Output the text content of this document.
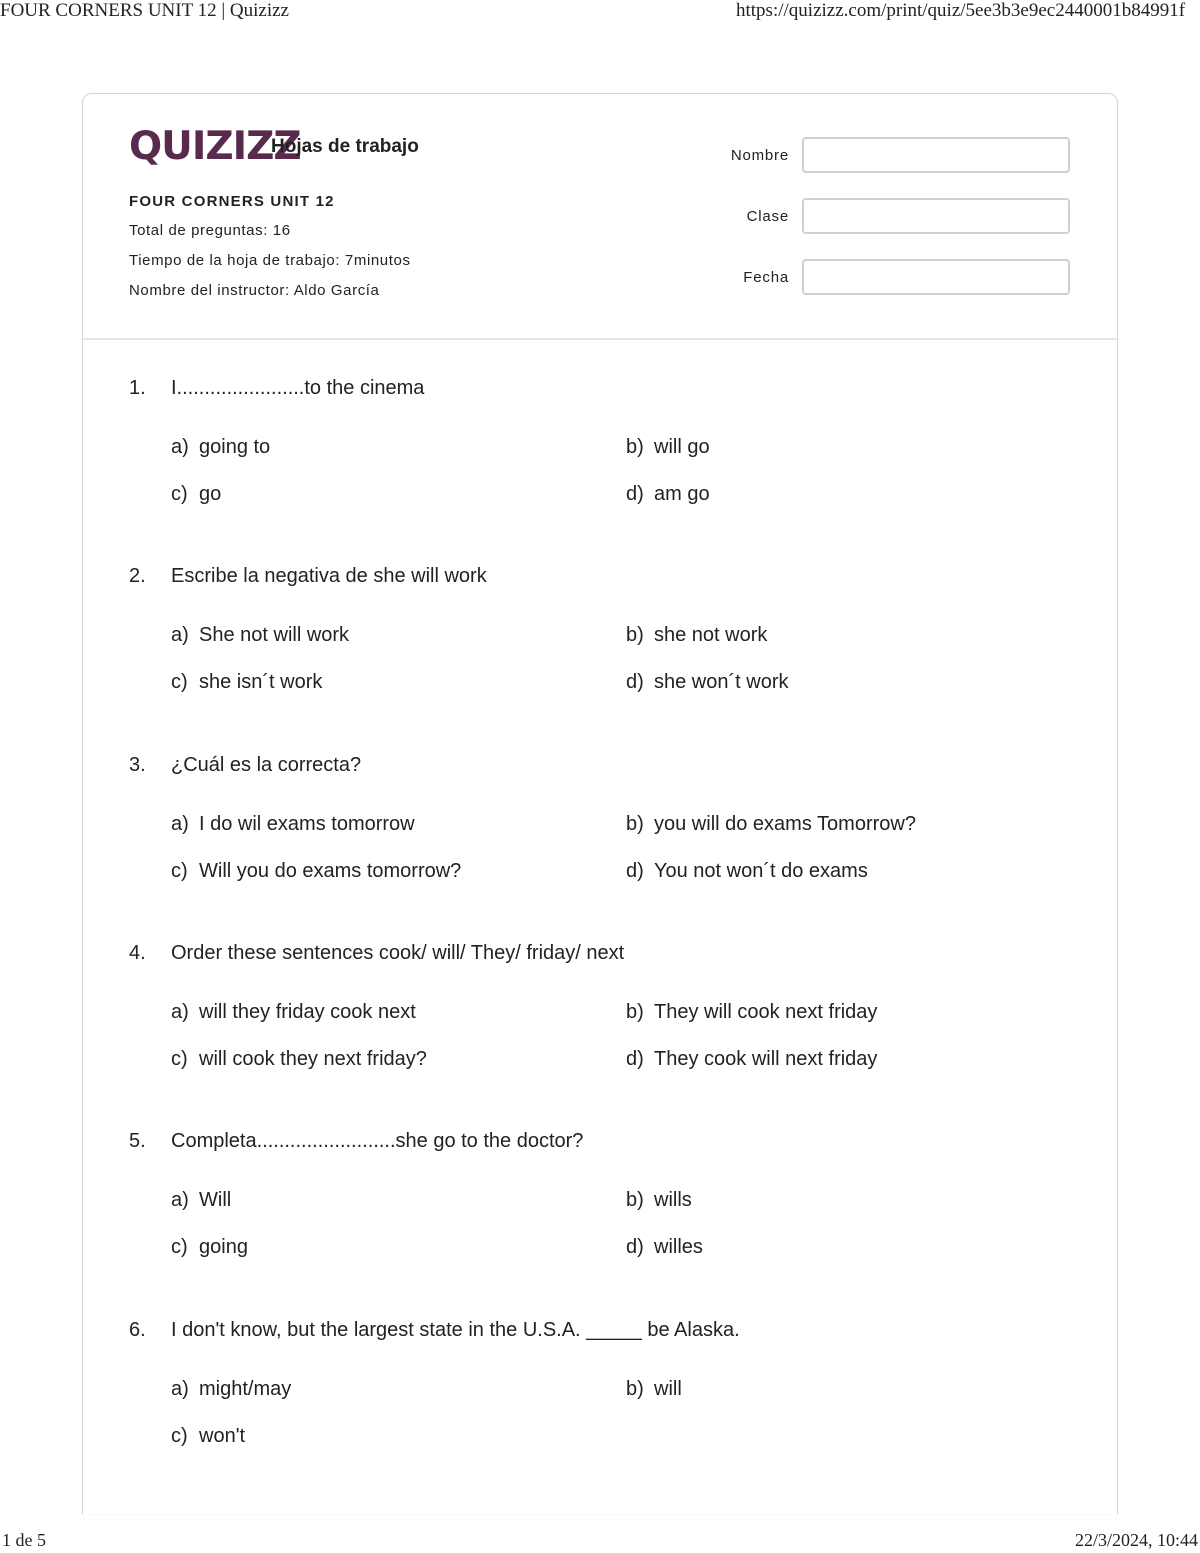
FOUR CORNERS UNIT 12 | Quizizz	https://quizizz.com/print/quiz/5ee3b3e9ec2440001b84991f
QUIZIZZ
Hojas de trabajo
FOUR CORNERS UNIT 12
Total de preguntas: 16
Tiempo de la hoja de trabajo: 7minutos
Nombre del instructor: Aldo García
Nombre
Clase
Fecha
1. I.......................to the cinema
a) going to	b) will go
c) go	d) am go
2. Escribe la negativa de she will work
a) She not will work	b) she not work
c) she isn´t work	d) she won´t work
3. ¿Cuál es la correcta?
a) I do wil exams tomorrow	b) you will do exams Tomorrow?
c) Will you do exams tomorrow?	d) You not won´t do exams
4. Order these sentences cook/ will/ They/ friday/ next
a) will they friday cook next	b) They will cook next friday
c) will cook they next friday?	d) They cook will next friday
5. Completa.........................she go to the doctor?
a) Will	b) wills
c) going	d) willes
6. I don't know, but the largest state in the U.S.A. _____ be Alaska.
a) might/may	b) will
c) won't
1 de 5	22/3/2024, 10:44
